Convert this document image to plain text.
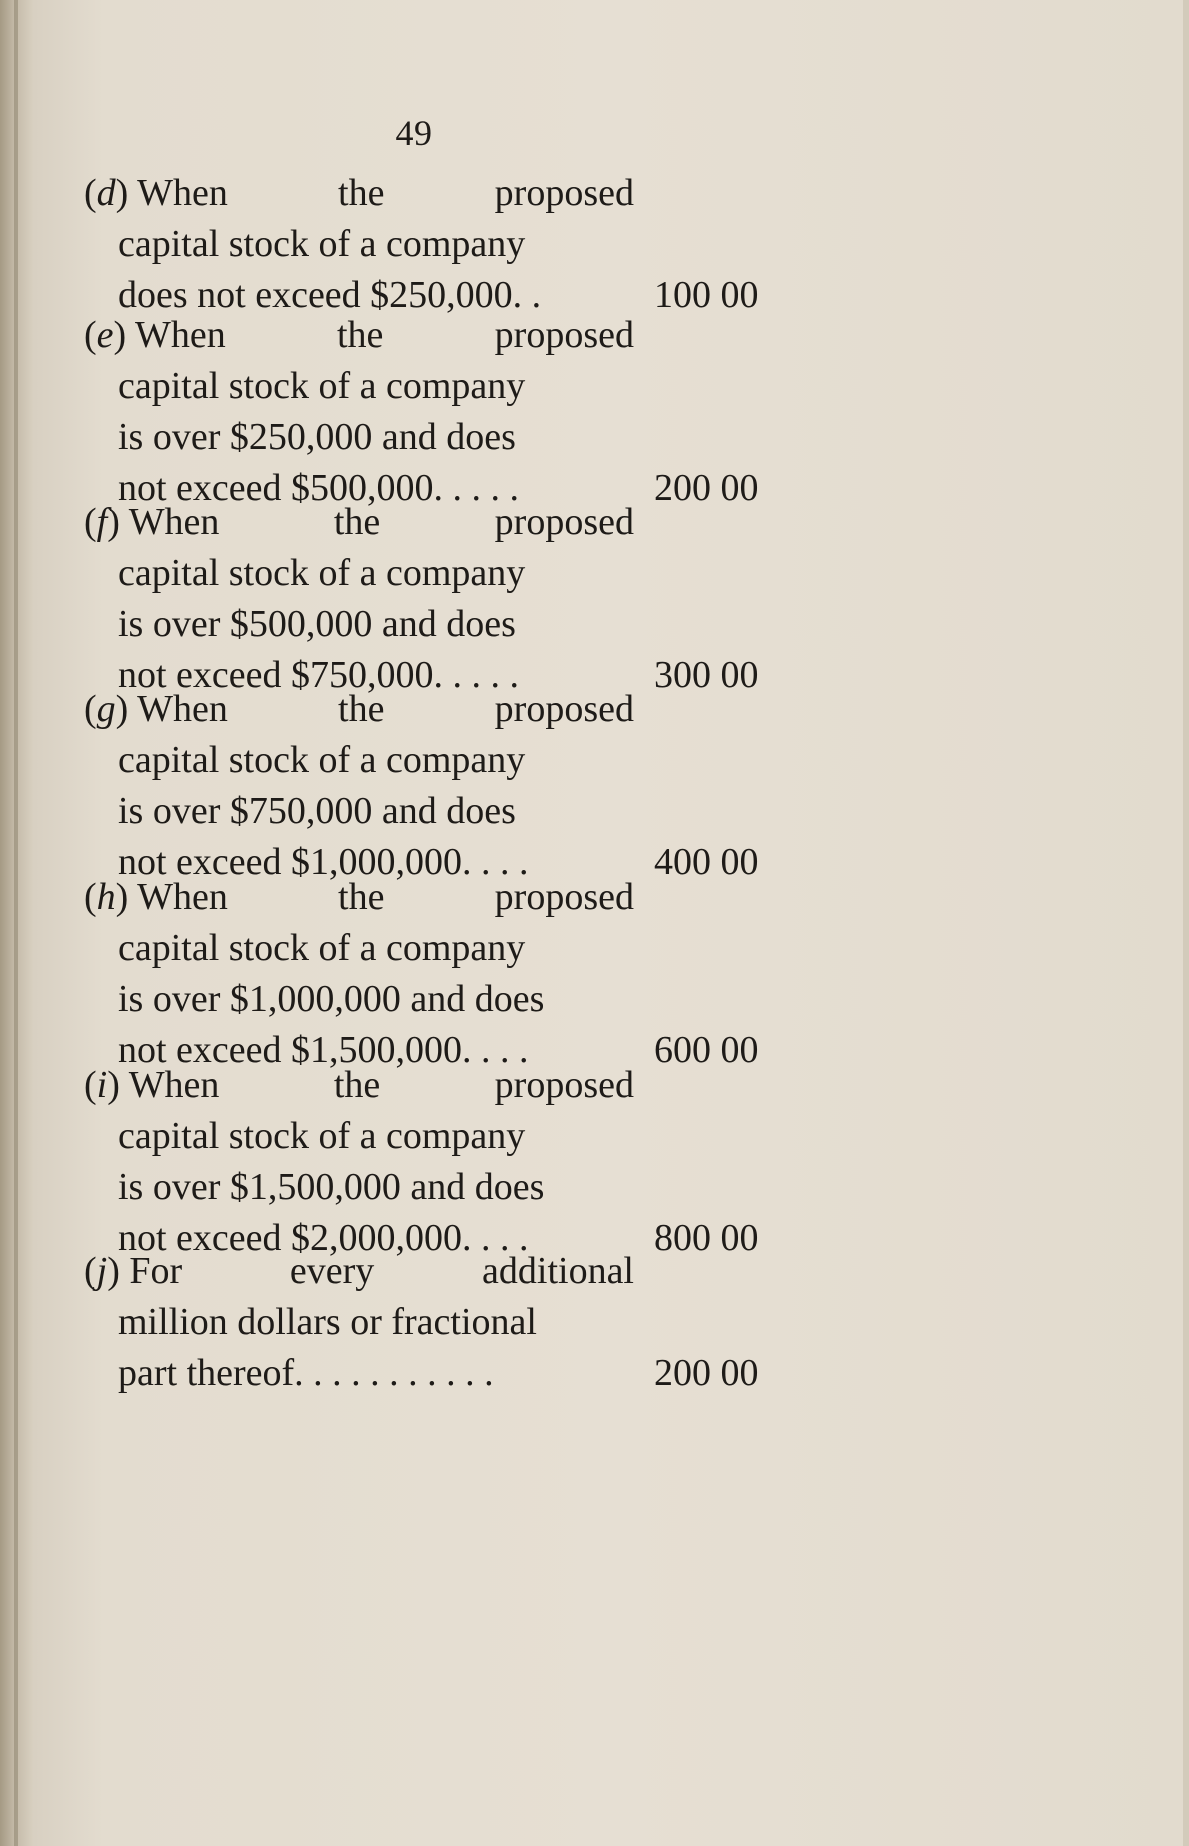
49
(d) When	the	proposed
capital stock of a company
does not exceed $250,000. .	100 00
(e) When	the	proposed
capital stock of a company
is over $250,000 and does
not exceed $500,000. . . . .	200 00
(f) When	the	proposed
capital stock of a company
is over $500,000 and does
not exceed $750,000. . . . .	300 00
(g) When	the	proposed
capital stock of a company
is over $750,000 and does
not exceed $1,000,000. . . .	400 00
(h) When	the	proposed
capital stock of a company
is over $1,000,000 and does
not exceed $1,500,000. . . .	600 00
(i) When	the	proposed
capital stock of a company
is over $1,500,000 and does
not exceed $2,000,000. . . .	800 00
(j) For	every	additional
million dollars or fractional
part thereof. . . . . . . . . . .	200 00
